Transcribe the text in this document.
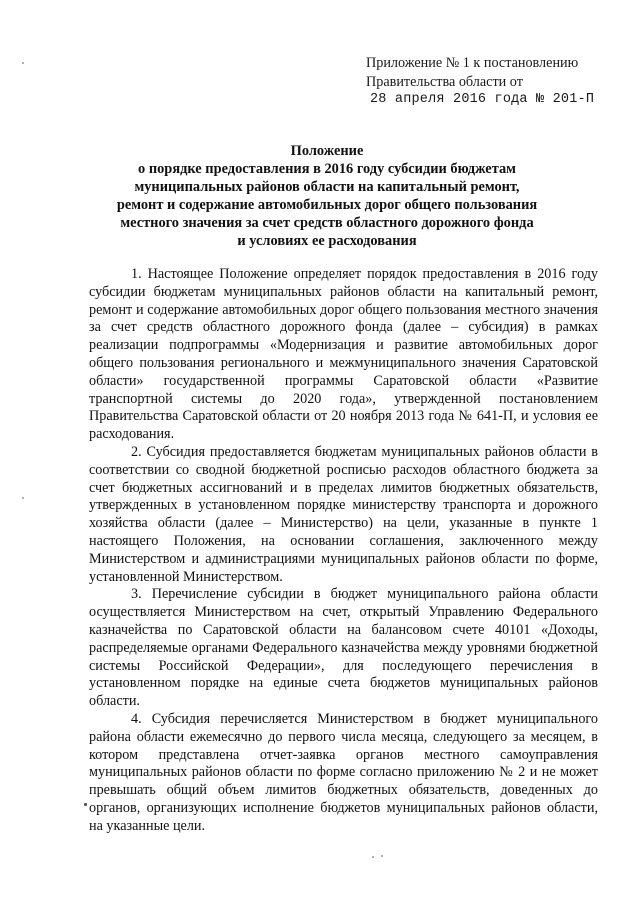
Приложение № 1 к постановлению
Правительства области от
28 апреля 2016 года № 201-П
Положение
о порядке предоставления в 2016 году субсидии бюджетам
муниципальных районов области на капитальный ремонт,
ремонт и содержание автомобильных дорог общего пользования
местного значения за счет средств областного дорожного фонда
и условиях ее расходования

1. Настоящее Положение определяет порядок предоставления в 2016 году субсидии бюджетам муниципальных районов области на капитальный ремонт, ремонт и содержание автомобильных дорог общего пользования местного значения за счет средств областного дорожного фонда (далее – субсидия) в рамках реализации подпрограммы «Модернизация и развитие автомобильных дорог общего пользования регионального и межмуниципального значения Саратовской области» государственной программы Саратовской области «Развитие транспортной системы до 2020 года», утвержденной постановлением Правительства Саратовской области от 20 ноября 2013 года № 641-П, и условия ее расходования.

2. Субсидия предоставляется бюджетам муниципальных районов области в соответствии со сводной бюджетной росписью расходов областного бюджета за счет бюджетных ассигнований и в пределах лимитов бюджетных обязательств, утвержденных в установленном порядке министерству транспорта и дорожного хозяйства области (далее – Министерство) на цели, указанные в пункте 1 настоящего Положения, на основании соглашения, заключенного между Министерством и администрациями муниципальных районов области по форме, установленной Министерством.

3. Перечисление субсидии в бюджет муниципального района области осуществляется Министерством на счет, открытый Управлению Федерального казначейства по Саратовской области на балансовом счете 40101 «Доходы, распределяемые органами Федерального казначейства между уровнями бюджетной системы Российской Федерации», для последующего перечисления в установленном порядке на единые счета бюджетов муниципальных районов области.

4. Субсидия перечисляется Министерством в бюджет муниципального района области ежемесячно до первого числа месяца, следующего за месяцем, в котором представлена отчет-заявка органов местного самоуправления муниципальных районов области по форме согласно приложению № 2 и не может превышать общий объем лимитов бюджетных обязательств, доведенных до органов, организующих исполнение бюджетов муниципальных районов области, на указанные цели.
